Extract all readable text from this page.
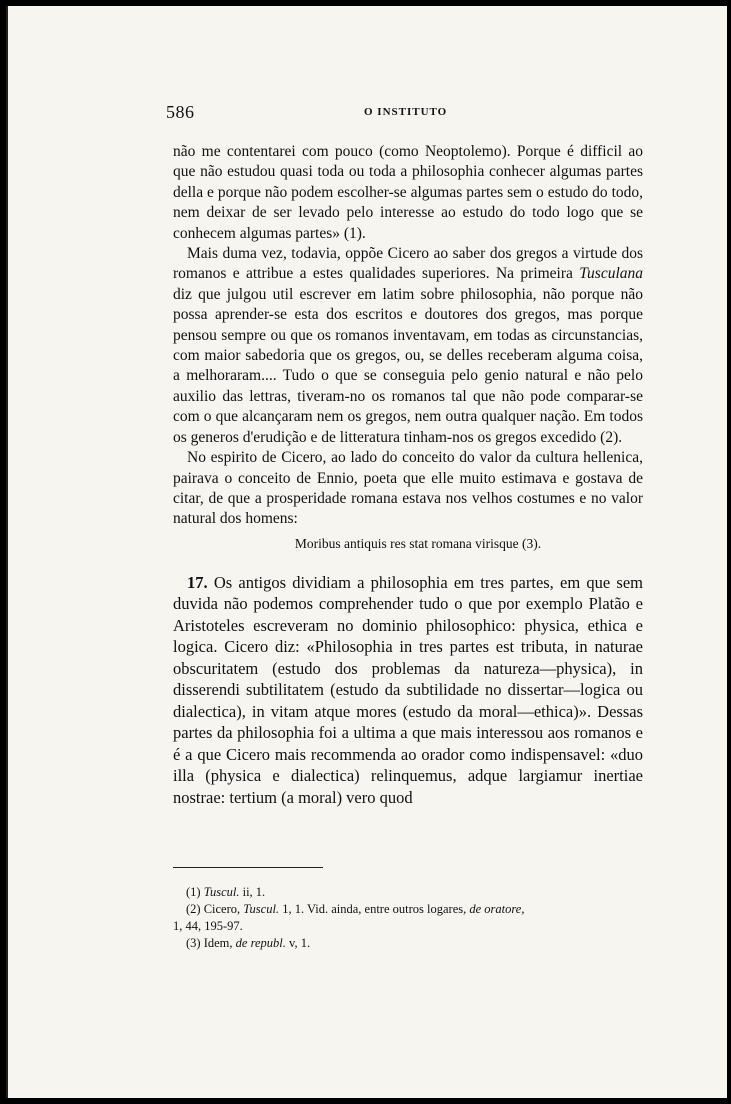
586	O INSTITUTO

não me contentarei com pouco (como Neoptolemo). Porque é difficil ao que não estudou quasi toda ou toda a philosophia conhecer algumas partes della e porque não podem escolher-se algumas partes sem o estudo do todo, nem deixar de ser levado pelo interesse ao estudo do todo logo que se conhecem algumas partes» (1).

Mais duma vez, todavia, oppõe Cicero ao saber dos gregos a virtude dos romanos e attribue a estes qualidades superiores. Na primeira Tusculana diz que julgou util escrever em latim sobre philosophia, não porque não possa aprender-se esta dos escritos e doutores dos gregos, mas porque pensou sempre ou que os romanos inventavam, em todas as circunstancias, com maior sabedoria que os gregos, ou, se delles receberam alguma coisa, a melhoraram.... Tudo o que se conseguia pelo genio natural e não pelo auxilio das lettras, tiveram-no os romanos tal que não pode comparar-se com o que alcançaram nem os gregos, nem outra qualquer nação. Em todos os generos d'erudição e de litteratura tinham-nos os gregos excedido (2).

No espirito de Cicero, ao lado do conceito do valor da cultura hellenica, pairava o conceito de Ennio, poeta que elle muito estimava e gostava de citar, de que a prosperidade romana estava nos velhos costumes e no valor natural dos homens:

Moribus antiquis res stat romana virisque (3).

17. Os antigos dividiam a philosophia em tres partes, em que sem duvida não podemos comprehender tudo o que por exemplo Platão e Aristoteles escreveram no dominio philosophico: physica, ethica e logica. Cicero diz: «Philosophia in tres partes est tributa, in naturae obscuritatem (estudo dos problemas da natureza—physica), in disserendi subtilitatem (estudo da subtilidade no dissertar—logica ou dialectica), in vitam atque mores (estudo da moral—ethica)». Dessas partes da philosophia foi a ultima a que mais interessou aos romanos e é a que Cicero mais recommenda ao orador como indispensavel: «duo illa (physica e dialectica) relinquemus, adque largiamur inertiae nostrae: tertium (a moral) vero quod

(1) Tuscul. ii, 1.

(2) Cicero, Tuscul. 1, 1. Vid. ainda, entre outros logares, de oratore,

1, 44, 195-97.

(3) Idem, de republ. v, 1.
